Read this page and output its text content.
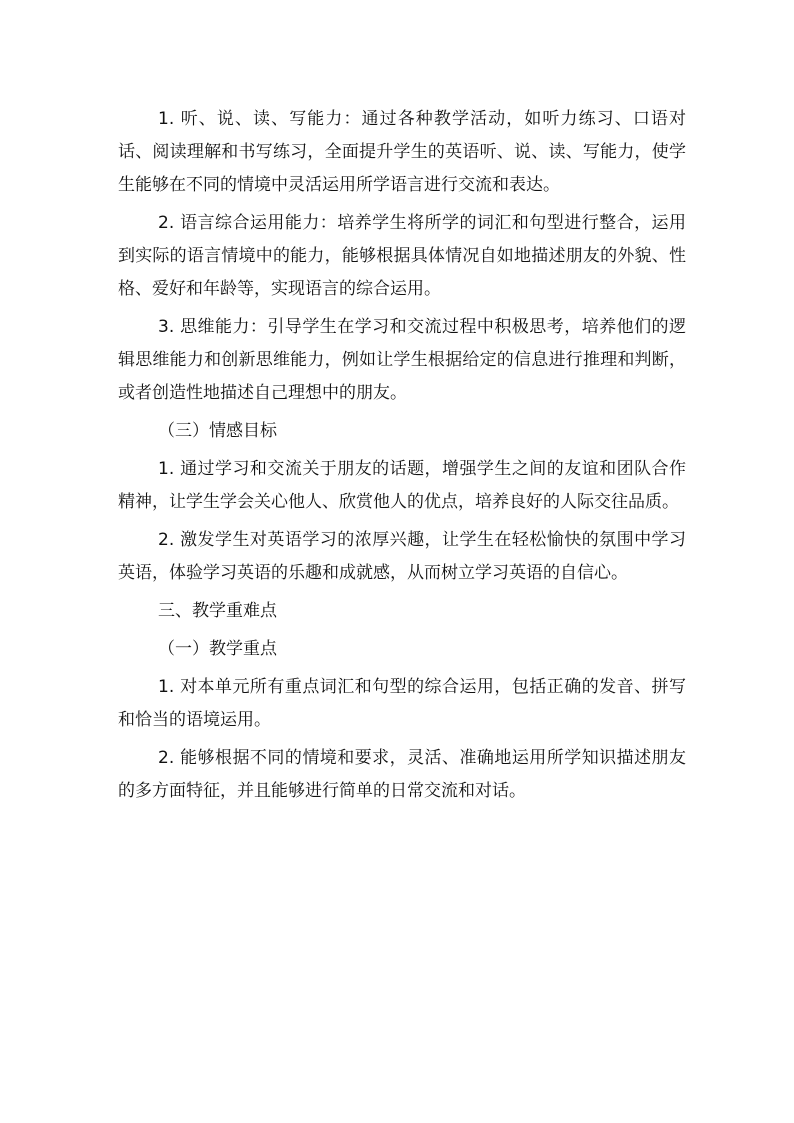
1. 听、说、读、写能力：通过各种教学活动，如听力练习、口语对话、阅读理解和书写练习，全面提升学生的英语听、说、读、写能力，使学生能够在不同的情境中灵活运用所学语言进行交流和表达。

2. 语言综合运用能力：培养学生将所学的词汇和句型进行整合，运用到实际的语言情境中的能力，能够根据具体情况自如地描述朋友的外貌、性格、爱好和年龄等，实现语言的综合运用。

3. 思维能力：引导学生在学习和交流过程中积极思考，培养他们的逻辑思维能力和创新思维能力，例如让学生根据给定的信息进行推理和判断，或者创造性地描述自己理想中的朋友。

（三）情感目标

1. 通过学习和交流关于朋友的话题，增强学生之间的友谊和团队合作精神，让学生学会关心他人、欣赏他人的优点，培养良好的人际交往品质。

2. 激发学生对英语学习的浓厚兴趣，让学生在轻松愉快的氛围中学习英语，体验学习英语的乐趣和成就感，从而树立学习英语的自信心。

三、教学重难点

（一）教学重点

1. 对本单元所有重点词汇和句型的综合运用，包括正确的发音、拼写和恰当的语境运用。

2. 能够根据不同的情境和要求，灵活、准确地运用所学知识描述朋友的多方面特征，并且能够进行简单的日常交流和对话。
